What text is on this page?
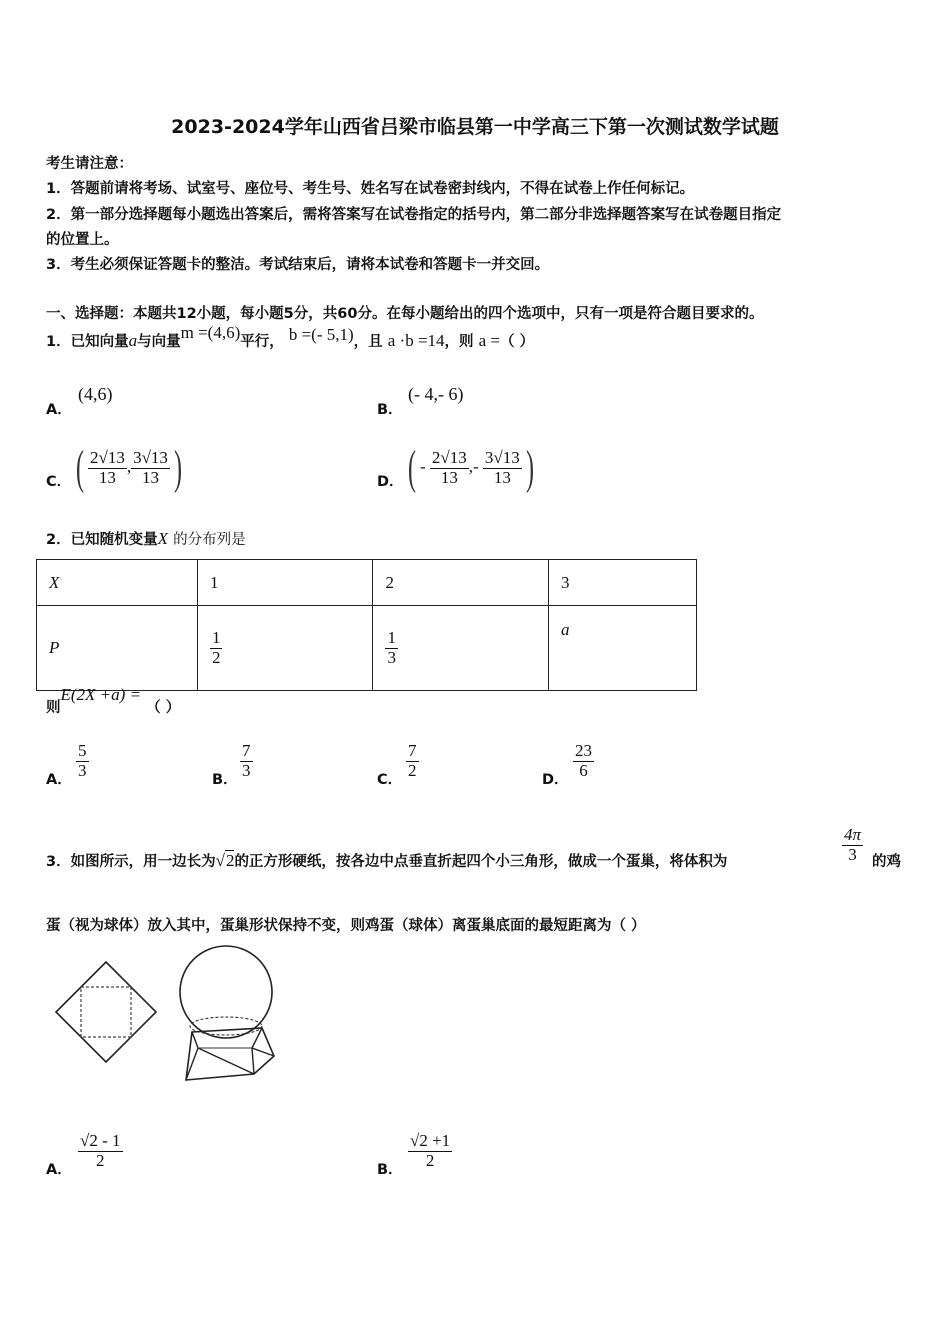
2023-2024学年山西省吕梁市临县第一中学高三下第一次测试数学试题
考生请注意：
1．答题前请将考场、试室号、座位号、考生号、姓名写在试卷密封线内，不得在试卷上作任何标记。
2．第一部分选择题每小题选出答案后，需将答案写在试卷指定的括号内，第二部分非选择题答案写在试卷题目指定
的位置上。
3．考生必须保证答题卡的整洁。考试结束后，请将本试卷和答题卡一并交回。
一、选择题：本题共12小题，每小题5分，共60分。在每小题给出的四个选项中，只有一项是符合题目要求的。
1．已知向量a与向量m =(4,6)平行， b =(- 5,1)，且 a ·b =14，则 a =（ ）
A．
(4,6)
B．
(- 4,- 6)
C． ( $\frac{2√13}{13}$ , $\frac{3√13}{13}$ )	D． ( - $\frac{2√13}{13}$ ,- $\frac{3√13}{13}$ )
2．已知随机变量X 的分布列是
X	1	2	3
P	$\frac{1}{2}$	$\frac{1}{3}$	a
则E(2X +a) = （ ）
A． $\frac{5}{3}$	B． $\frac{7}{3}$	C． $\frac{7}{2}$	D． $\frac{23}{6}$
3．如图所示，用一边长为√2的正方形硬纸，按各边中点垂直折起四个小三角形，做成一个蛋巢，将体积为	$\frac{4\pi}{3}$ 的鸡
蛋（视为球体）放入其中，蛋巢形状保持不变，则鸡蛋（球体）离蛋巢底面的最短距离为（ ）
A． $\frac{√2 - 1}{2}$	B． $\frac{√2 +1}{2}$
